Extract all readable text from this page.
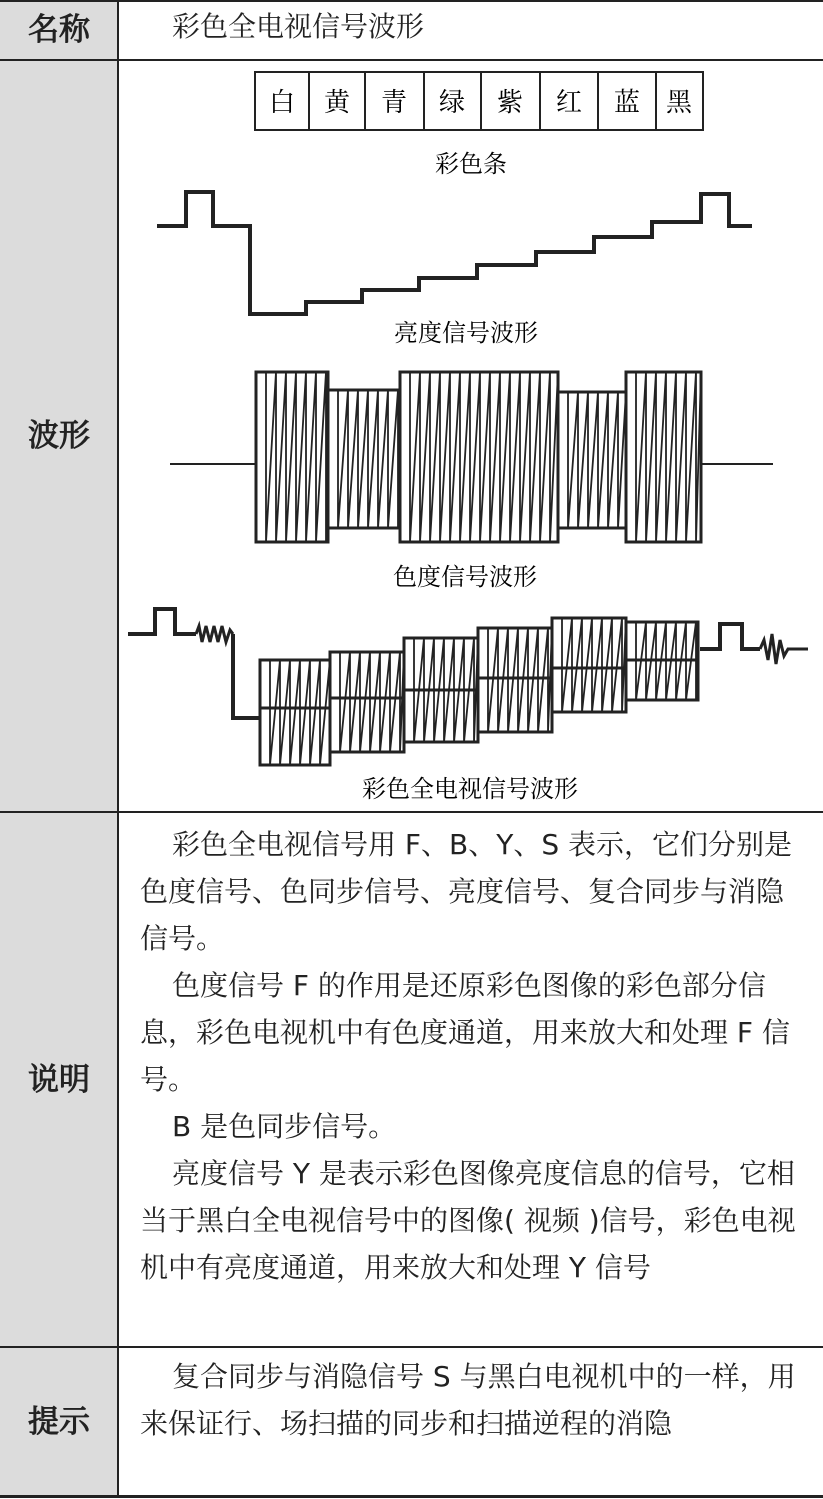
名称
波形
说明
提示
彩色全电视信号波形
白 黄 青 绿 紫 红 蓝 黑
彩色条
亮度信号波形
色度信号波形
彩色全电视信号波形

彩色全电视信号用 F、B、Y、S 表示，它们分别是色度信号、色同步信号、亮度信号、复合同步与消隐信号。

色度信号 F 的作用是还原彩色图像的彩色部分信息，彩色电视机中有色度通道，用来放大和处理 F 信号。

B 是色同步信号。

亮度信号 Y 是表示彩色图像亮度信息的信号，它相当于黑白全电视信号中的图像( 视频 )信号，彩色电视机中有亮度通道，用来放大和处理 Y 信号

复合同步与消隐信号 S 与黑白电视机中的一样，用来保证行、场扫描的同步和扫描逆程的消隐
